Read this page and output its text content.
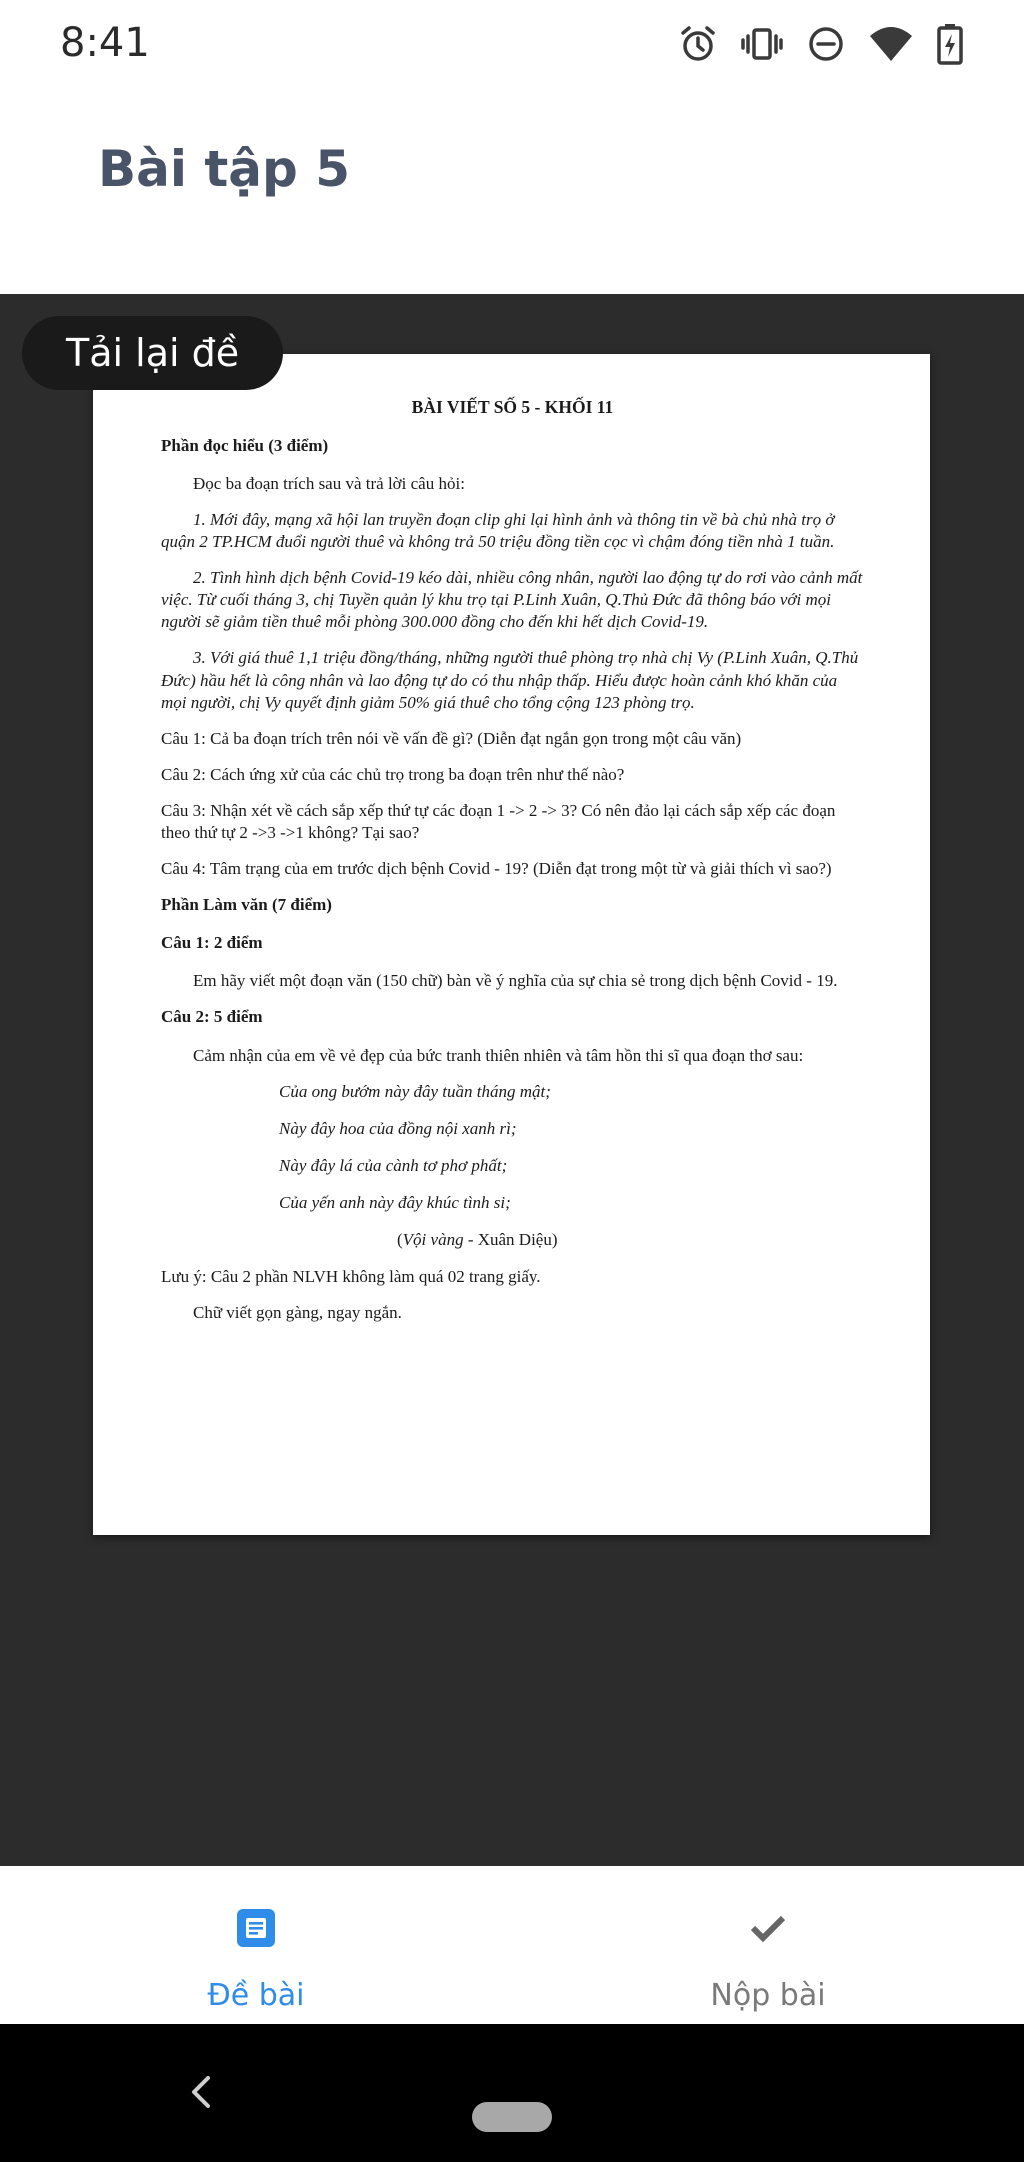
8:41
Bài tập 5
Tải lại đề
BÀI VIẾT SỐ 5 - KHỐI 11
Phần đọc hiểu (3 điểm)
Đọc ba đoạn trích sau và trả lời câu hỏi:
1. Mới đây, mạng xã hội lan truyền đoạn clip ghi lại hình ảnh và thông tin về bà chủ nhà trọ ở quận 2 TP.HCM đuổi người thuê và không trả 50 triệu đồng tiền cọc vì chậm đóng tiền nhà 1 tuần.
2. Tình hình dịch bệnh Covid-19 kéo dài, nhiều công nhân, người lao động tự do rơi vào cảnh mất việc. Từ cuối tháng 3, chị Tuyền quản lý khu trọ tại P.Linh Xuân, Q.Thủ Đức đã thông báo với mọi người sẽ giảm tiền thuê mỗi phòng 300.000 đồng cho đến khi hết dịch Covid-19.
3. Với giá thuê 1,1 triệu đồng/tháng, những người thuê phòng trọ nhà chị Vy (P.Linh Xuân, Q.Thủ Đức) hầu hết là công nhân và lao động tự do có thu nhập thấp. Hiểu được hoàn cảnh khó khăn của mọi người, chị Vy quyết định giảm 50% giá thuê cho tổng cộng 123 phòng trọ.
Câu 1: Cả ba đoạn trích trên nói về vấn đề gì? (Diễn đạt ngắn gọn trong một câu văn)
Câu 2: Cách ứng xử của các chủ trọ trong ba đoạn trên như thế nào?
Câu 3: Nhận xét về cách sắp xếp thứ tự các đoạn 1 -> 2 -> 3? Có nên đảo lại cách sắp xếp các đoạn theo thứ tự 2 ->3 ->1 không? Tại sao?
Câu 4: Tâm trạng của em trước dịch bệnh Covid - 19? (Diễn đạt trong một từ và giải thích vì sao?)
Phần Làm văn (7 điểm)
Câu 1: 2 điểm
Em hãy viết một đoạn văn (150 chữ) bàn về ý nghĩa của sự chia sẻ trong dịch bệnh Covid - 19.
Câu 2: 5 điểm
Cảm nhận của em về vẻ đẹp của bức tranh thiên nhiên và tâm hồn thi sĩ qua đoạn thơ sau:
Của ong bướm này đây tuần tháng mật;
Này đây hoa của đồng nội xanh rì;
Này đây lá của cành tơ phơ phất;
Của yến anh này đây khúc tình si;
(Vội vàng - Xuân Diệu)
Lưu ý: Câu 2 phần NLVH không làm quá 02 trang giấy.
Chữ viết gọn gàng, ngay ngắn.
Đề bài	Nộp bài
